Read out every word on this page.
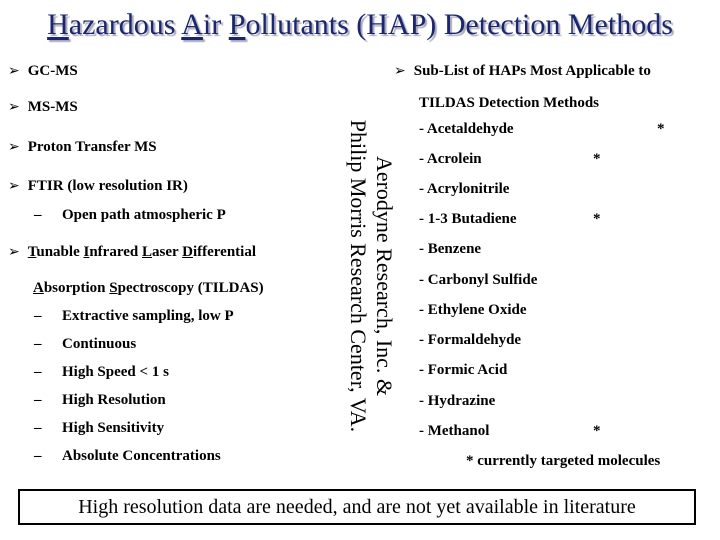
Hazardous Air Pollutants (HAP) Detection Methods
➢ GC-MS
➢ MS-MS
➢ Proton Transfer MS
➢ FTIR (low resolution IR)
– Open path atmospheric P
➢ Tunable Infrared Laser Differential
Absorption Spectroscopy (TILDAS)
– Extractive sampling, low P
– Continuous
– High Speed < 1 s
– High Resolution
– High Sensitivity
– Absolute Concentrations
Aerodyne Research, Inc. &
Philip Morris Research Center, VA.
➢ Sub-List of HAPs Most Applicable to
TILDAS Detection Methods
- Acetaldehyde
- Acrolein
- Acrylonitrile
- 1-3 Butadiene
- Benzene
- Carbonyl Sulfide
- Ethylene Oxide
- Formaldehyde
- Formic Acid
- Hydrazine
- Methanol
*
*
*
*
* currently targeted molecules
High resolution data are needed, and are not yet available in literature
